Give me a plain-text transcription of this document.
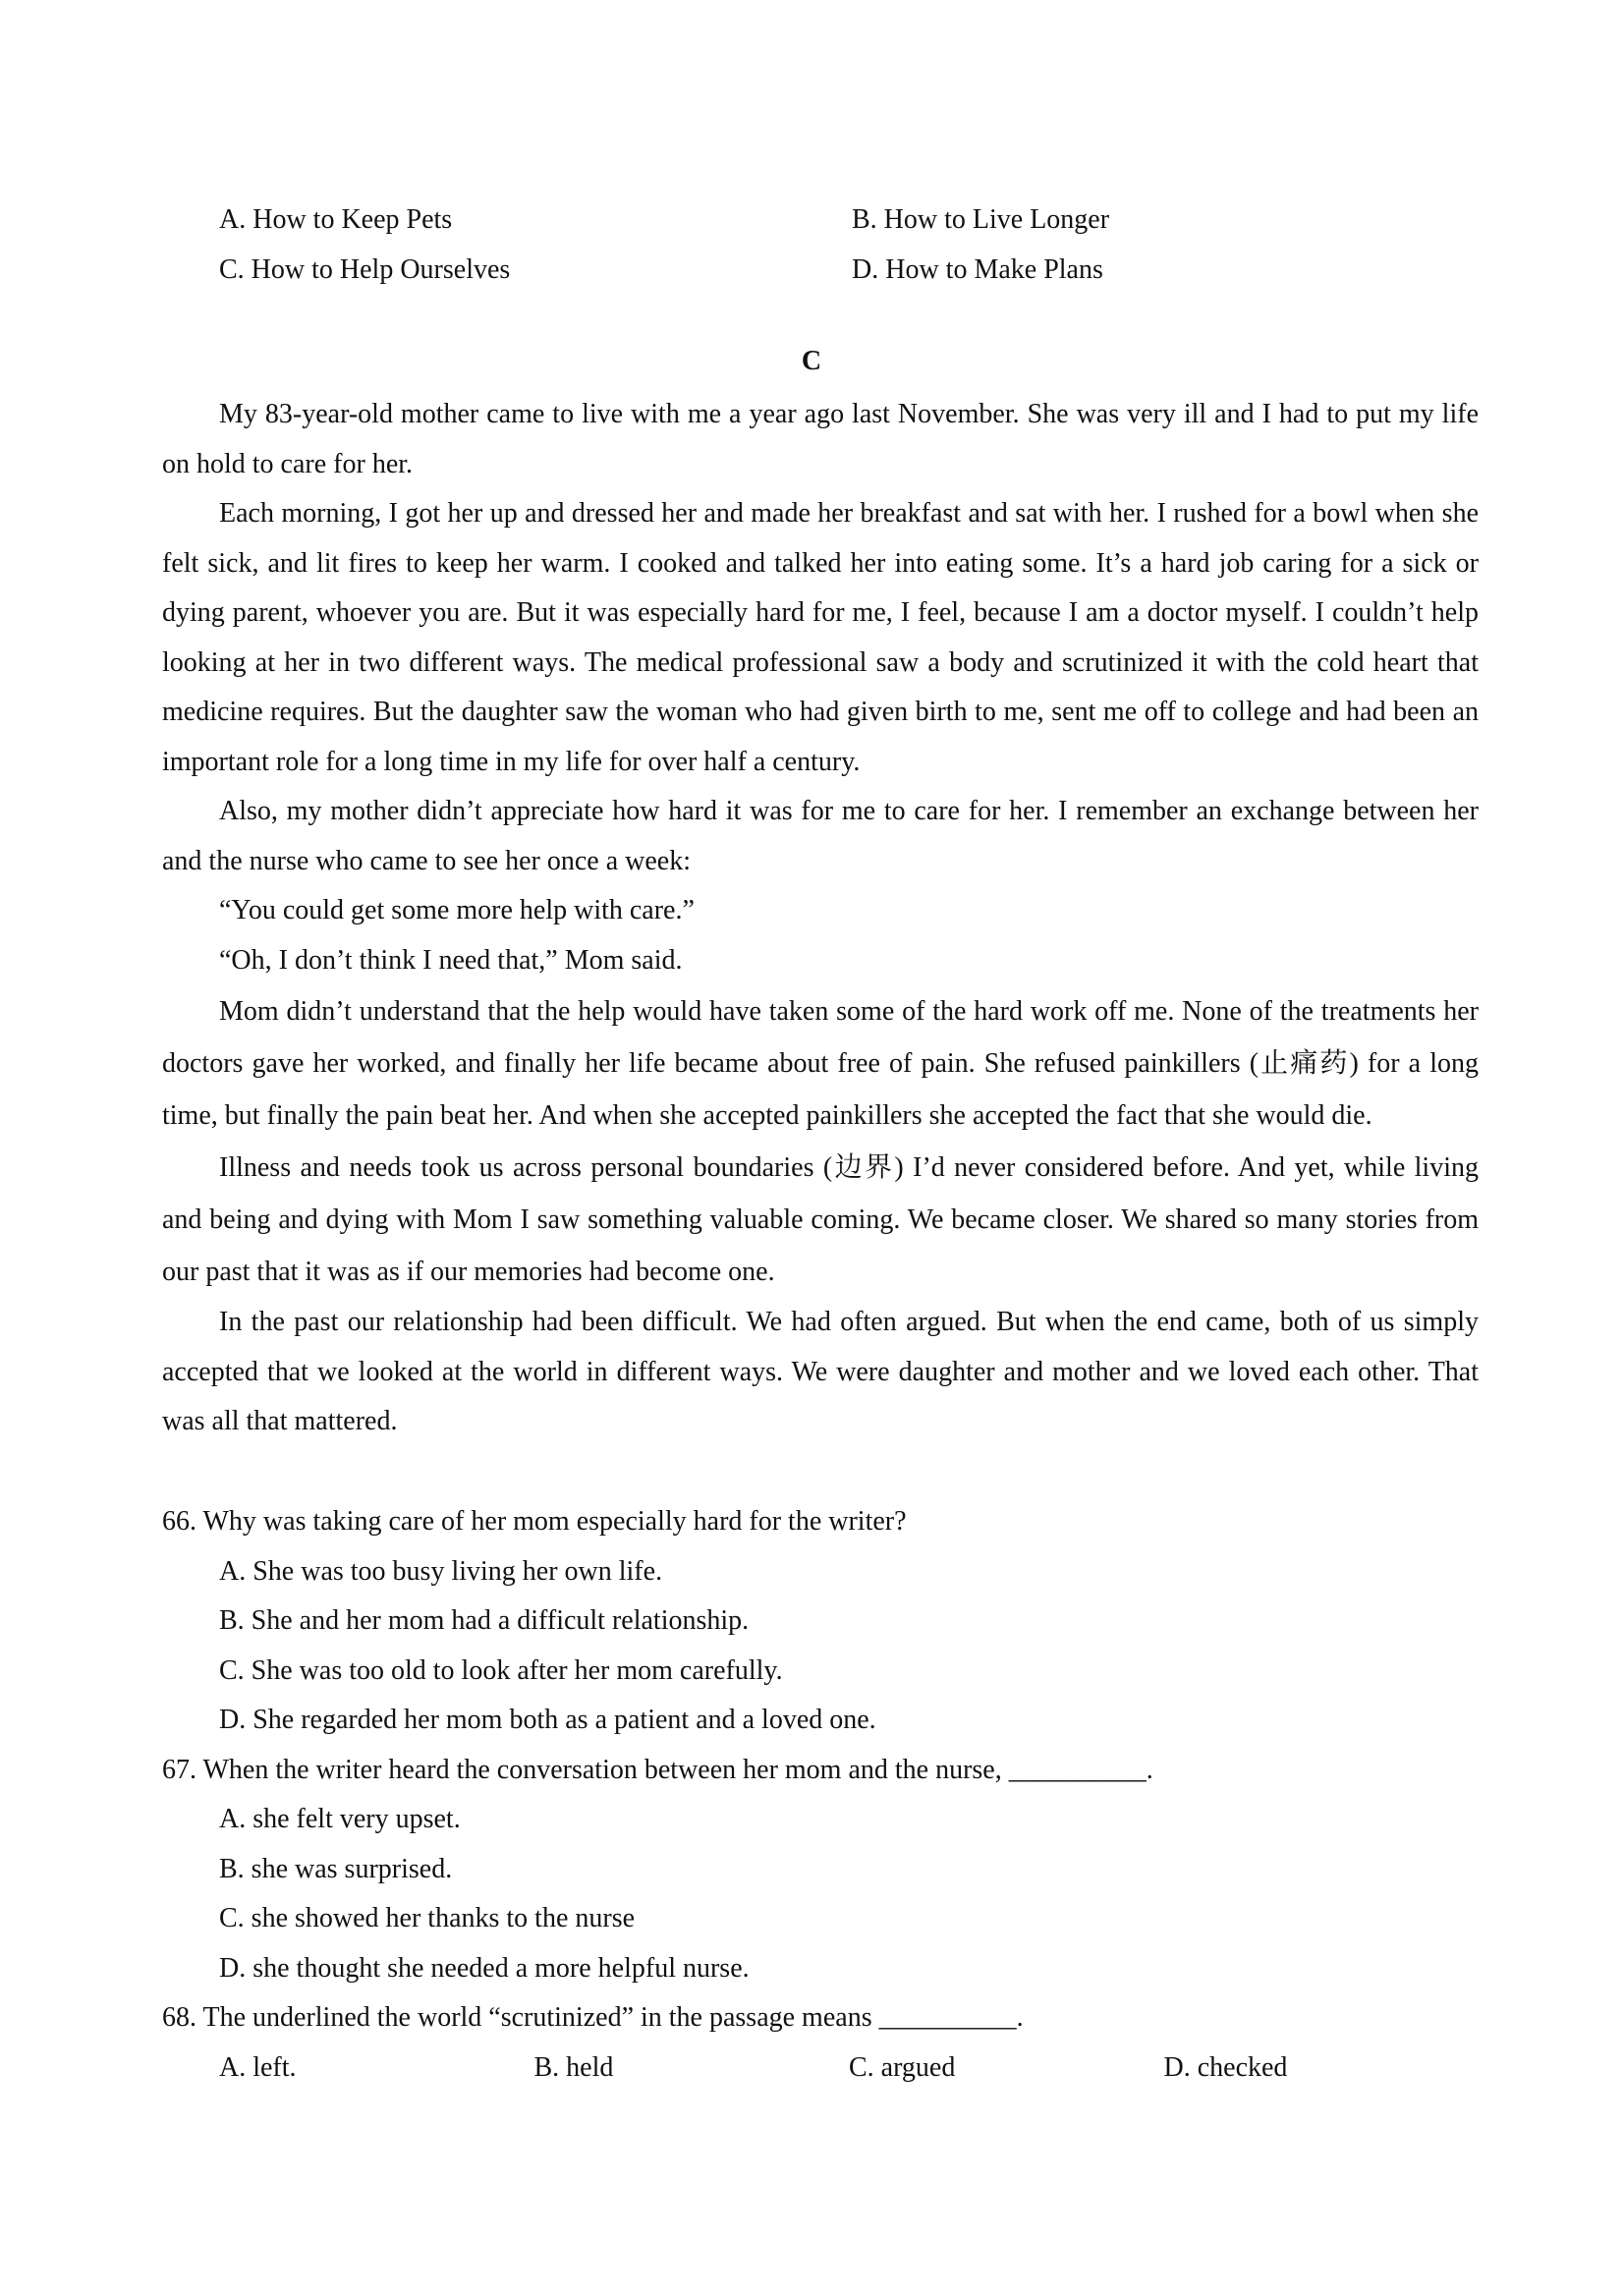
A. How to Keep Pets	B. How to Live Longer
C. How to Help Ourselves	D. How to Make Plans
C

My 83-year-old mother came to live with me a year ago last November. She was very ill and I had to put my life on hold to care for her.

Each morning, I got her up and dressed her and made her breakfast and sat with her. I rushed for a bowl when she felt sick, and lit fires to keep her warm. I cooked and talked her into eating some. It’s a hard job caring for a sick or dying parent, whoever you are. But it was especially hard for me, I feel, because I am a doctor myself. I couldn’t help looking at her in two different ways. The medical professional saw a body and scrutinized it with the cold heart that medicine requires. But the daughter saw the woman who had given birth to me, sent me off to college and had been an important role for a long time in my life for over half a century.

Also, my mother didn’t appreciate how hard it was for me to care for her. I remember an exchange between her and the nurse who came to see her once a week:

“You could get some more help with care.”

“Oh, I don’t think I need that,” Mom said.

Mom didn’t understand that the help would have taken some of the hard work off me. None of the treatments her doctors gave her worked, and finally her life became about free of pain. She refused painkillers (止痛药) for a long time, but finally the pain beat her. And when she accepted painkillers she accepted the fact that she would die.

Illness and needs took us across personal boundaries (边界) I’d never considered before. And yet, while living and being and dying with Mom I saw something valuable coming. We became closer. We shared so many stories from our past that it was as if our memories had become one.

In the past our relationship had been difficult. We had often argued. But when the end came, both of us simply accepted that we looked at the world in different ways. We were daughter and mother and we loved each other. That was all that mattered.

66. Why was taking care of her mom especially hard for the writer?
A. She was too busy living her own life.
B. She and her mom had a difficult relationship.
C. She was too old to look after her mom carefully.
D. She regarded her mom both as a patient and a loved one.
67. When the writer heard the conversation between her mom and the nurse, __________.
A. she felt very upset.
B. she was surprised.
C. she showed her thanks to the nurse
D. she thought she needed a more helpful nurse.
68. The underlined the world “scrutinized” in the passage means __________.
A. left.	B. held	C. argued	D. checked
